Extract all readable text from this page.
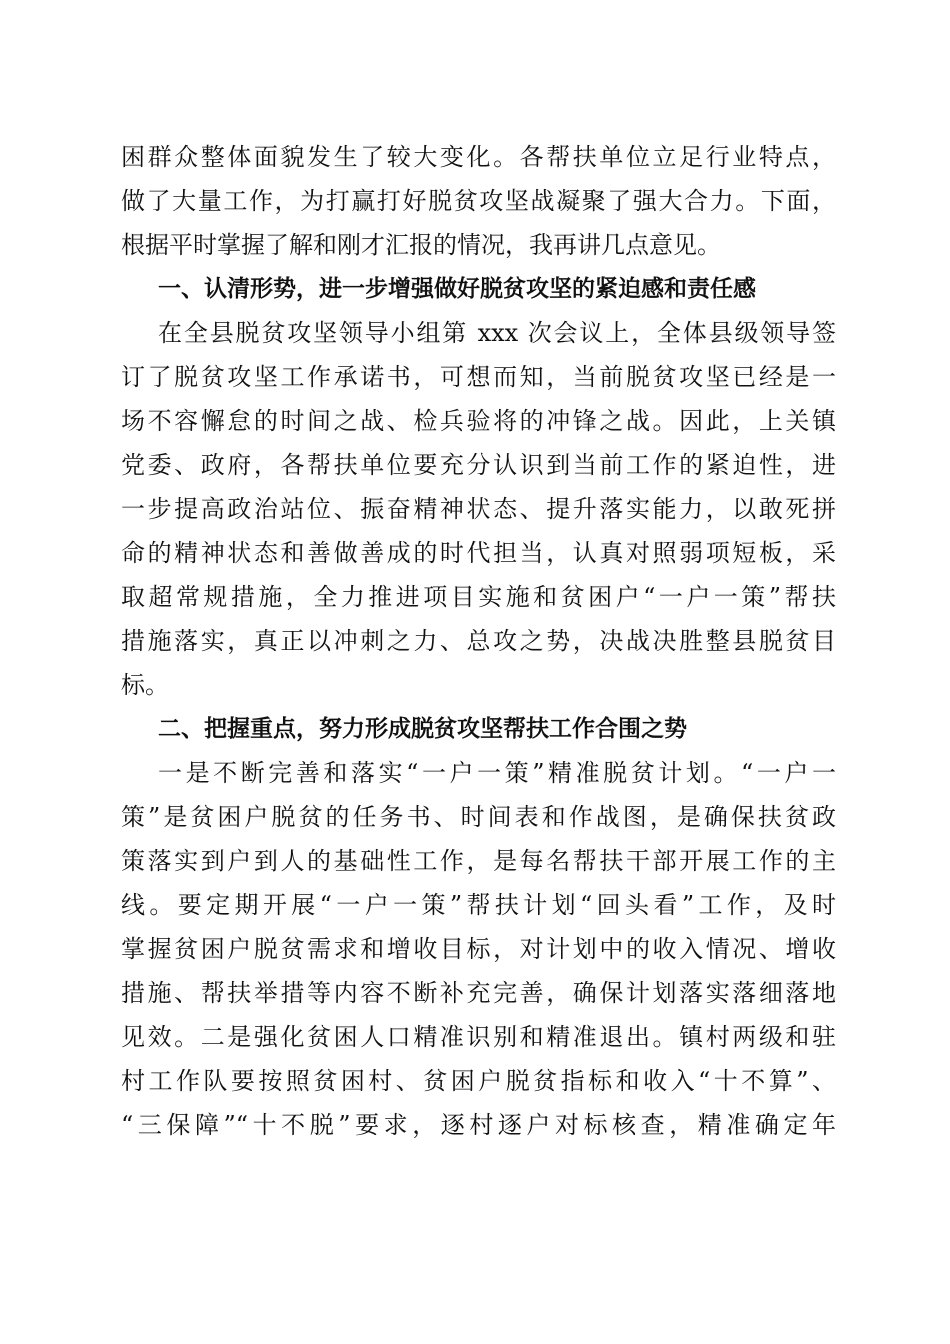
困群众整体面貌发生了较大变化。各帮扶单位立足行业特点，
做了大量工作，为打赢打好脱贫攻坚战凝聚了强大合力。下面，
根据平时掌握了解和刚才汇报的情况，我再讲几点意见。
一、认清形势，进一步增强做好脱贫攻坚的紧迫感和责任感
在全县脱贫攻坚领导小组第 xxx 次会议上，全体县级领导签
订了脱贫攻坚工作承诺书，可想而知，当前脱贫攻坚已经是一
场不容懈怠的时间之战、检兵验将的冲锋之战。因此，上关镇
党委、政府，各帮扶单位要充分认识到当前工作的紧迫性，进
一步提高政治站位、振奋精神状态、提升落实能力，以敢死拼
命的精神状态和善做善成的时代担当，认真对照弱项短板，采
取超常规措施，全力推进项目实施和贫困户“一户一策”帮扶
措施落实，真正以冲刺之力、总攻之势，决战决胜整县脱贫目
标。
二、把握重点，努力形成脱贫攻坚帮扶工作合围之势
一是不断完善和落实“一户一策”精准脱贫计划。“一户一
策”是贫困户脱贫的任务书、时间表和作战图，是确保扶贫政
策落实到户到人的基础性工作，是每名帮扶干部开展工作的主
线。要定期开展“一户一策”帮扶计划“回头看”工作，及时
掌握贫困户脱贫需求和增收目标，对计划中的收入情况、增收
措施、帮扶举措等内容不断补充完善，确保计划落实落细落地
见效。二是强化贫困人口精准识别和精准退出。镇村两级和驻
村工作队要按照贫困村、贫困户脱贫指标和收入“十不算”、
“三保障”“十不脱”要求，逐村逐户对标核查，精准确定年
